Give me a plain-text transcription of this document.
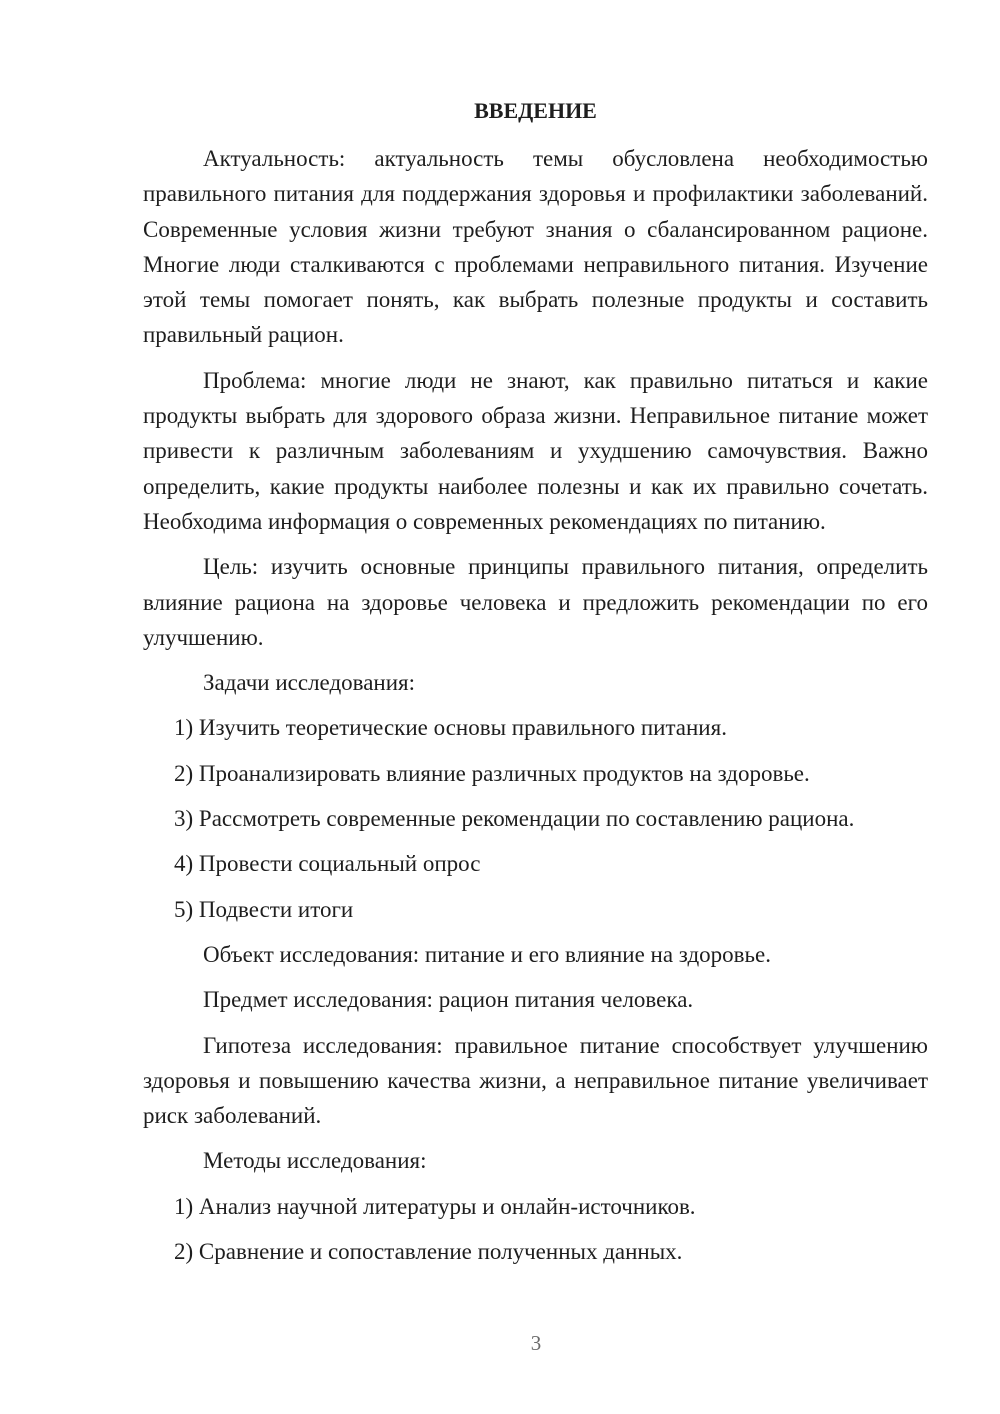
ВВЕДЕНИЕ
Актуальность: актуальность темы обусловлена необходимостью правильного питания для поддержания здоровья и профилактики заболеваний. Современные условия жизни требуют знания о сбалансированном рационе. Многие люди сталкиваются с проблемами неправильного питания. Изучение этой темы помогает понять, как выбрать полезные продукты и составить правильный рацион.
Проблема: многие люди не знают, как правильно питаться и какие продукты выбрать для здорового образа жизни. Неправильное питание может привести к различным заболеваниям и ухудшению самочувствия. Важно определить, какие продукты наиболее полезны и как их правильно сочетать. Необходима информация о современных рекомендациях по питанию.
Цель: изучить основные принципы правильного питания, определить влияние рациона на здоровье человека и предложить рекомендации по его улучшению.
Задачи исследования:
1) Изучить теоретические основы правильного питания.
2) Проанализировать влияние различных продуктов на здоровье.
3) Рассмотреть современные рекомендации по составлению рациона.
4) Провести социальный опрос
5) Подвести итоги
Объект исследования: питание и его влияние на здоровье.
Предмет исследования: рацион питания человека.
Гипотеза исследования: правильное питание способствует улучшению здоровья и повышению качества жизни, а неправильное питание увеличивает риск заболеваний.
Методы исследования:
1) Анализ научной литературы и онлайн-источников.
2) Сравнение и сопоставление полученных данных.
3
